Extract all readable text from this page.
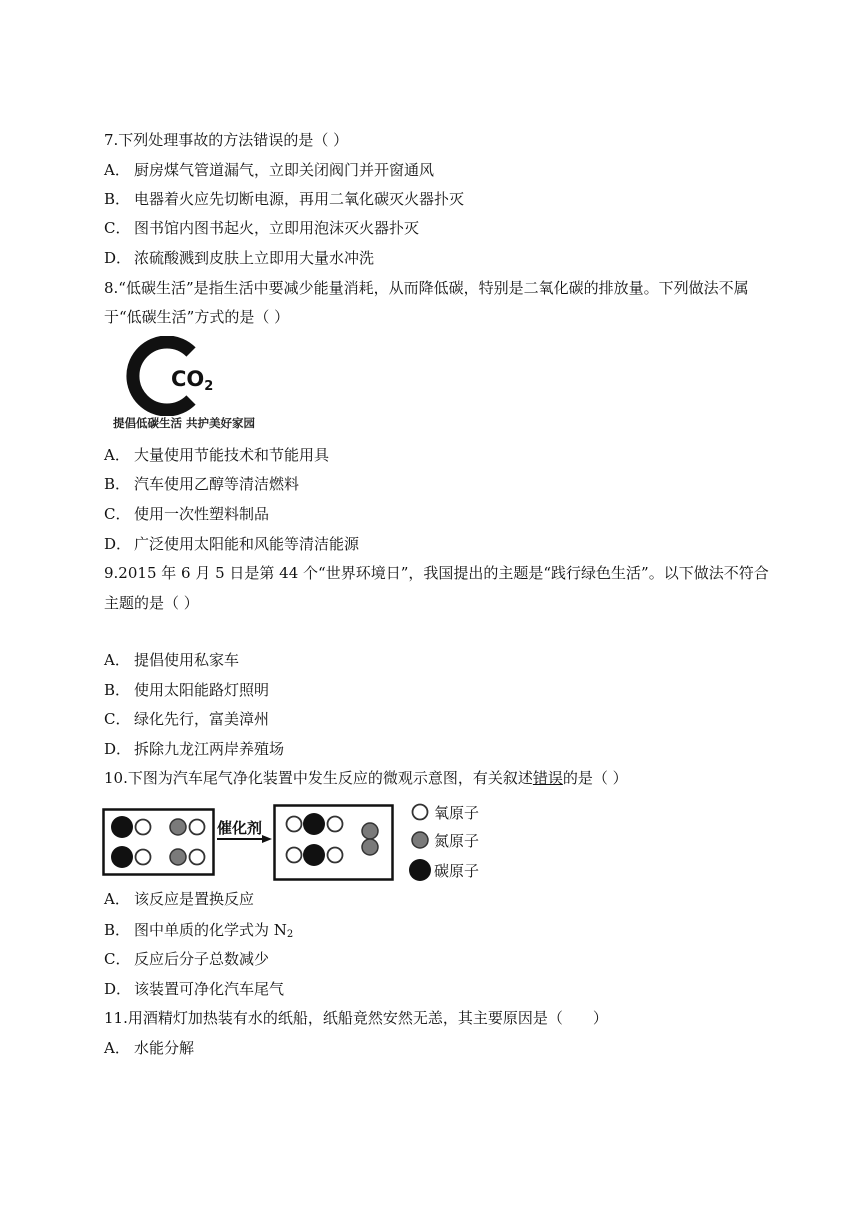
7.下列处理事故的方法错误的是（ ）
A． 厨房煤气管道漏气，立即关闭阀门并开窗通风
B． 电器着火应先切断电源，再用二氧化碳灭火器扑灭
C． 图书馆内图书起火，立即用泡沫灭火器扑灭
D． 浓硫酸溅到皮肤上立即用大量水冲洗
8.“低碳生活”是指生活中要减少能量消耗，从而降低碳，特别是二氧化碳的排放量。下列做法不属
于“低碳生活”方式的是（ ）
CO2
提倡低碳生活 共护美好家园
A． 大量使用节能技术和节能用具
B． 汽车使用乙醇等清洁燃料
C． 使用一次性塑料制品
D． 广泛使用太阳能和风能等清洁能源
9.2015 年 6 月 5 日是第 44 个“世界环境日”，我国提出的主题是“践行绿色生活”。以下做法不符合
主题的是（ ）
A． 提倡使用私家车
B． 使用太阳能路灯照明
C． 绿化先行，富美漳州
D． 拆除九龙江两岸养殖场
10.下图为汽车尾气净化装置中发生反应的微观示意图，有关叙述错误的是（ ）
催化剂
氧原子
氮原子
碳原子
A． 该反应是置换反应
B． 图中单质的化学式为 $N_2$
C． 反应后分子总数减少
D． 该装置可净化汽车尾气
11.用酒精灯加热装有水的纸船，纸船竟然安然无恙，其主要原因是（　　）
A． 水能分解
